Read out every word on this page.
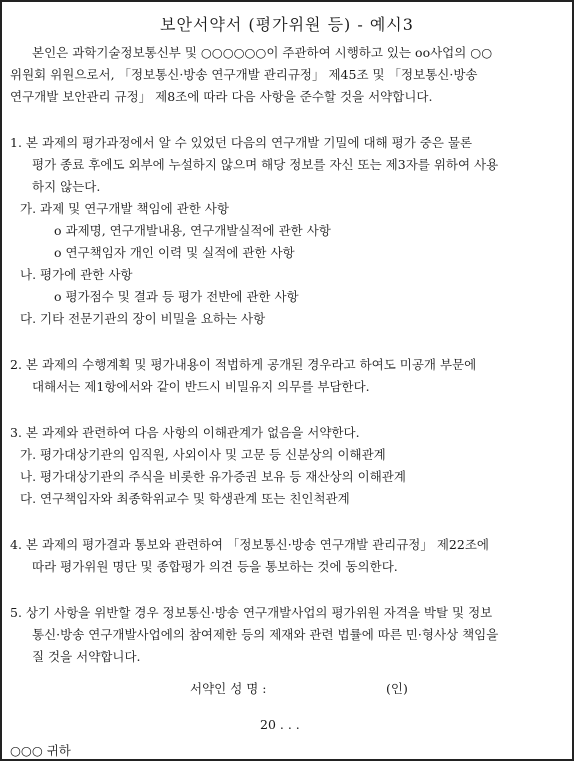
보안서약서 (평가위원 등) - 예시3
본인은 과학기술정보통신부 및 ○○○○○○이 주관하여 시행하고 있는 oo사업의 ○○
위원회 위원으로서, 「정보통신·방송 연구개발 관리규정」 제45조 및 「정보통신·방송
연구개발 보안관리 규정」 제8조에 따라 다음 사항을 준수할 것을 서약합니다.
1. 본 과제의 평가과정에서 알 수 있었던 다음의 연구개발 기밀에 대해 평가 중은 물론
평가 종료 후에도 외부에 누설하지 않으며 해당 정보를 자신 또는 제3자를 위하여 사용
하지 않는다.
가. 과제 및 연구개발 책임에 관한 사항
o 과제명, 연구개발내용, 연구개발실적에 관한 사항
o 연구책임자 개인 이력 및 실적에 관한 사항
나. 평가에 관한 사항
o 평가점수 및 결과 등 평가 전반에 관한 사항
다. 기타 전문기관의 장이 비밀을 요하는 사항
2. 본 과제의 수행계획 및 평가내용이 적법하게 공개된 경우라고 하여도 미공개 부문에
대해서는 제1항에서와 같이 반드시 비밀유지 의무를 부담한다.
3. 본 과제와 관련하여 다음 사항의 이해관계가 없음을 서약한다.
가. 평가대상기관의 임직원, 사외이사 및 고문 등 신분상의 이해관계
나. 평가대상기관의 주식을 비롯한 유가증권 보유 등 재산상의 이해관계
다. 연구책임자와 최종학위교수 및 학생관계 또는 친인척관계
4. 본 과제의 평가결과 통보와 관련하여 「정보통신·방송 연구개발 관리규정」 제22조에
따라 평가위원 명단 및 종합평가 의견 등을 통보하는 것에 동의한다.
5. 상기 사항을 위반할 경우 정보통신·방송 연구개발사업의 평가위원 자격을 박탈 및 정보
통신·방송 연구개발사업에의 참여제한 등의 제재와 관련 법률에 따른 민·형사상 책임을
질 것을 서약합니다.
서약인 성 명 :	(인)
20 . . .
○○○ 귀하
